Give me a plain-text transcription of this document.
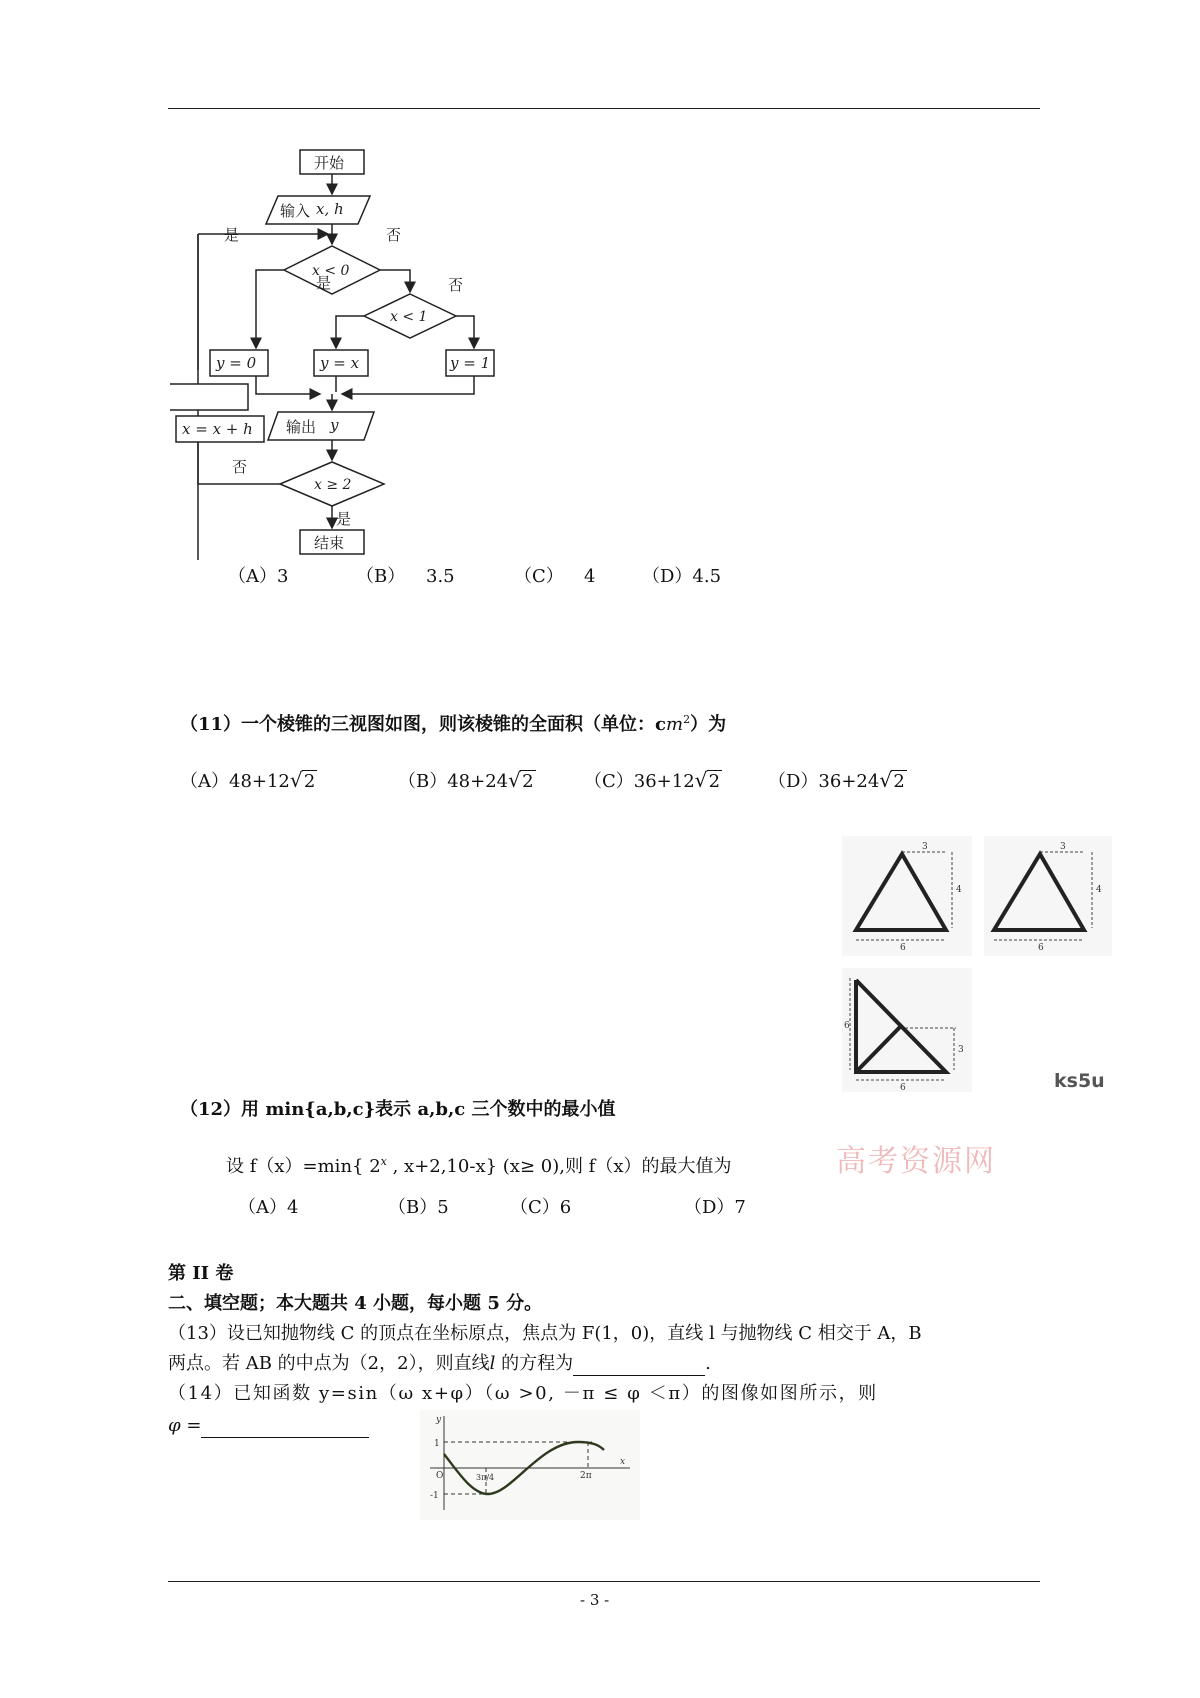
开始
输入 x, h
x < 0
是	否
x < 1
是	否
y = 0	y = x	y = 1
输出 y
否
x ≥ 2
是
结束
x = x + h
（A）3	（B） 3.5	（C） 4	（D）4.5
（11）一个棱锥的三视图如图，则该棱锥的全面积（单位：$cm^2$）为
（A）48+12 √ 2	（B）48+24 √ 2	（C）36+12 √ 2	（D）36+24 √ 2
3
4
6
3
4
6
6
3
6	ks5u
（12）用 min{a,b,c}表示 a,b,c 三个数中的最小值
设 f（x）=min{ 2$^x$ , x+2,10-x} (x≥ 0),则 f（x）的最大值为	高考资源网
（A）4	（B）5	（C）6	（D）7
第 II 卷
二、填空题；本大题共 4 小题，每小题 5 分。
（13）设已知抛物线 C 的顶点在坐标原点，焦点为 F(1，0)，直线 l 与抛物线 C 相交于 A，B
两点。若 AB 的中点为（2，2），则直线l 的方程为	.
（14）已知函数 y=sin（ω x+φ）（ω >0, －π ≤ φ ＜π）的图像如图所示，则
φ =	y
x
O
1
-1
3π/4	2π
- 3 -
